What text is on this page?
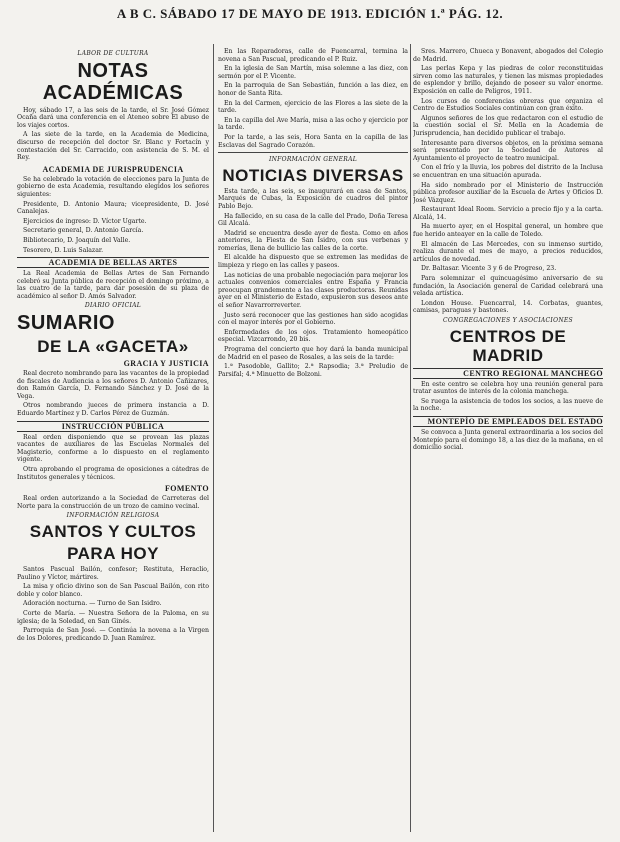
A B C. SÁBADO 17 DE MAYO DE 1913. EDICIÓN 1.ª PÁG. 12.
LABOR DE CULTURA
NOTAS ACADÉMICAS

Hoy, sábado 17, a las seis de la tarde, el Sr. José Gómez Ocaña dará una conferencia en el Ateneo sobre El abuso de los viajes cortos.

A las siete de la tarde, en la Academia de Medicina, discurso de recepción del doctor Sr. Blanc y Fortacín y contestación del Sr. Carracido, con asistencia de S. M. el Rey.

ACADEMIA DE JURISPRUDENCIA

Se ha celebrado la votación de elecciones para la Junta de gobierno de esta Academia, resultando elegidos los señores siguientes:

Presidente, D. Antonio Maura; vicepresidente, D. José Canalejas.

Ejercicios de ingreso: D. Víctor Ugarte.

Secretario general, D. Antonio García.

Bibliotecario, D. Joaquín del Valle.

Tesorero, D. Luis Salazar.

ACADEMIA DE BELLAS ARTES

La Real Academia de Bellas Artes de San Fernando celebró su Junta pública de recepción el domingo próximo, a las cuatro de la tarde, para dar posesión de su plaza de académico al señor D. Amós Salvador.

DIARIO OFICIAL
SUMARIO
DE LA «GACETA»
GRACIA Y JUSTICIA

Real decreto nombrando para las vacantes de la propiedad de fiscales de Audiencia a los señores D. Antonio Cañizares, don Ramón García, D. Fernando Sánchez y D. José de la Vega.

Otros nombrando jueces de primera instancia a D. Eduardo Martínez y D. Carlos Pérez de Guzmán.

INSTRUCCIÓN PÚBLICA

Real orden disponiendo que se provean las plazas vacantes de auxiliares de las Escuelas Normales del Magisterio, conforme a lo dispuesto en el reglamento vigente.

Otra aprobando el programa de oposiciones a cátedras de Institutos generales y técnicos.

FOMENTO

Real orden autorizando a la Sociedad de Carreteras del Norte para la construcción de un trozo de camino vecinal.

INFORMACIÓN RELIGIOSA
SANTOS Y CULTOS
PARA HOY

Santos Pascual Bailón, confesor; Restituta, Heraclio, Paulino y Víctor, mártires.

La misa y oficio divino son de San Pascual Bailón, con rito doble y color blanco.

Adoración nocturna. — Turno de San Isidro.

Corte de María. — Nuestra Señora de la Paloma, en su iglesia; de la Soledad, en San Ginés.

Parroquia de San José. — Continúa la novena a la Virgen de los Dolores, predicando D. Juan Ramírez.

En las Reparadoras, calle de Fuencarral, termina la novena a San Pascual, predicando el P. Ruiz.

En la iglesia de San Martín, misa solemne a las diez, con sermón por el P. Vicente.

En la parroquia de San Sebastián, función a las diez, en honor de Santa Rita.

En la del Carmen, ejercicio de las Flores a las siete de la tarde.

En la capilla del Ave María, misa a las ocho y ejercicio por la tarde.

Por la tarde, a las seis, Hora Santa en la capilla de las Esclavas del Sagrado Corazón.

INFORMACIÓN GENERAL
NOTICIAS DIVERSAS

Esta tarde, a las seis, se inaugurará en casa de Santos, Marqués de Cubas, la Exposición de cuadros del pintor Pablo Bejo.

Ha fallecido, en su casa de la calle del Prado, Doña Teresa Gil Alcalá.

Madrid se encuentra desde ayer de fiesta. Como en años anteriores, la Fiesta de San Isidro, con sus verbenas y romerías, llena de bullicio las calles de la corte.

El alcalde ha dispuesto que se extremen las medidas de limpieza y riego en las calles y paseos.

Las noticias de una probable negociación para mejorar los actuales convenios comerciales entre España y Francia preocupan grandemente a las clases productoras. Reunidas ayer en el Ministerio de Estado, expusieron sus deseos ante el señor Navarrorreverter.

Justo será reconocer que las gestiones han sido acogidas con el mayor interés por el Gobierno.

Enfermedades de los ojos. Tratamiento homeopático especial. Vizcarrondo, 20 bis.

Programa del concierto que hoy dará la banda municipal de Madrid en el paseo de Rosales, a las seis de la tarde:

1.ª Pasodoble, Gallito; 2.ª Rapsodia; 3.ª Preludio de Parsifal; 4.ª Minuetto de Bolzoni.

Sres. Marrero, Chueca y Bonavent, abogados del Colegio de Madrid.

Las perlas Kepa y las piedras de color reconstituidas sirven como las naturales, y tienen las mismas propiedades de esplendor y brillo, dejando de poseer su valor enorme. Exposición en calle de Peligros, 1911.

Los cursos de conferencias obreras que organiza el Centro de Estudios Sociales continúan con gran éxito.

Algunos señores de los que redactaron con el estudio de la cuestión social el Sr. Mella en la Academia de Jurisprudencia, han decidido publicar el trabajo.

Interesante para diversos objetos, en la próxima semana será presentado por la Sociedad de Autores al Ayuntamiento el proyecto de teatro municipal.

Con el frío y la lluvia, los pobres del distrito de la Inclusa se encuentran en una situación apurada.

Ha sido nombrado por el Ministerio de Instrucción pública profesor auxiliar de la Escuela de Artes y Oficios D. José Vázquez.

Restaurant Ideal Room. Servicio a precio fijo y a la carta. Alcalá, 14.

Ha muerto ayer, en el Hospital general, un hombre que fue herido anteayer en la calle de Toledo.

El almacén de Las Mercedes, con su inmenso surtido, realiza durante el mes de mayo, a precios reducidos, artículos de novedad.

Dr. Baltasar. Vicente 3 y 6 de Progreso, 23.

Para solemnizar el quincuagésimo aniversario de su fundación, la Asociación general de Caridad celebrará una velada artística.

London House. Fuencarral, 14. Corbatas, guantes, camisas, paraguas y bastones.

CONGREGACIONES Y ASOCIACIONES
CENTROS DE MADRID
CENTRO REGIONAL MANCHEGO

En este centro se celebra hoy una reunión general para tratar asuntos de interés de la colonia manchega.

Se ruega la asistencia de todos los socios, a las nueve de la noche.

MONTEPÍO DE EMPLEADOS DEL ESTADO

Se convoca a Junta general extraordinaria a los socios del Montepío para el domingo 18, a las diez de la mañana, en el domicilio social.
